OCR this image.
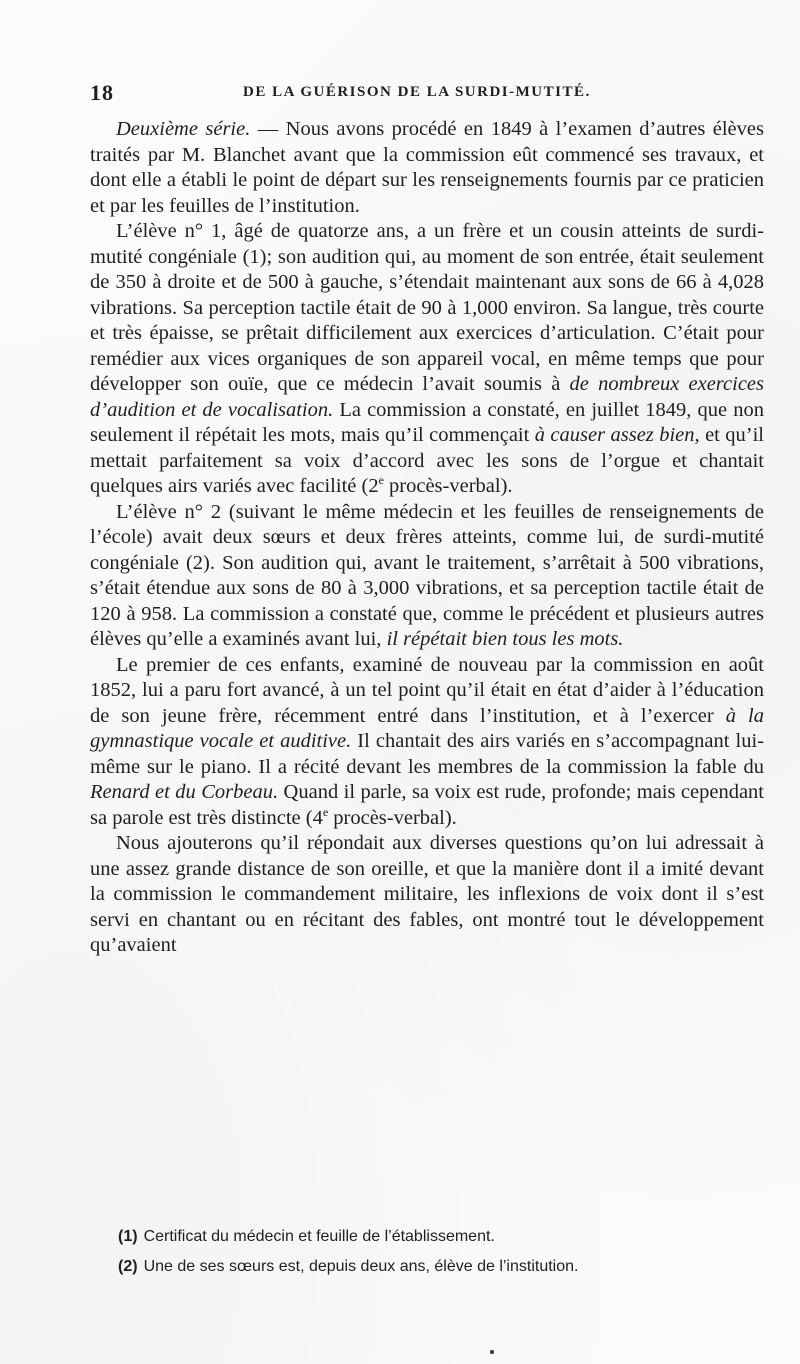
18	DE LA GUÉRISON DE LA SURDI-MUTITÉ.

Deuxième série. — Nous avons procédé en 1849 à l’examen d’autres élèves traités par M. Blanchet avant que la commission eût commencé ses travaux, et dont elle a établi le point de départ sur les renseignements fournis par ce praticien et par les feuilles de l’institution.

L’élève n° 1, âgé de quatorze ans, a un frère et un cousin atteints de surdi-mutité congéniale (1); son audition qui, au moment de son entrée, était seulement de 350 à droite et de 500 à gauche, s’étendait maintenant aux sons de 66 à 4,028 vibrations. Sa perception tactile était de 90 à 1,000 environ. Sa langue, très courte et très épaisse, se prêtait difficilement aux exercices d’articulation. C’était pour remédier aux vices organiques de son appareil vocal, en même temps que pour développer son ouïe, que ce médecin l’avait soumis à de nombreux exercices d’audition et de vocalisation. La commission a constaté, en juillet 1849, que non seulement il répétait les mots, mais qu’il commençait à causer assez bien, et qu’il mettait parfaitement sa voix d’accord avec les sons de l’orgue et chantait quelques airs variés avec facilité (2e procès-verbal).

L’élève n° 2 (suivant le même médecin et les feuilles de renseignements de l’école) avait deux sœurs et deux frères atteints, comme lui, de surdi-mutité congéniale (2). Son audition qui, avant le traitement, s’arrêtait à 500 vibrations, s’était étendue aux sons de 80 à 3,000 vibrations, et sa perception tactile était de 120 à 958. La commission a constaté que, comme le précédent et plusieurs autres élèves qu’elle a examinés avant lui, il répétait bien tous les mots.

Le premier de ces enfants, examiné de nouveau par la commission en août 1852, lui a paru fort avancé, à un tel point qu’il était en état d’aider à l’éducation de son jeune frère, récemment entré dans l’institution, et à l’exercer à la gymnastique vocale et auditive. Il chantait des airs variés en s’accompagnant lui-même sur le piano. Il a récité devant les membres de la commission la fable du Renard et du Corbeau. Quand il parle, sa voix est rude, profonde; mais cependant sa parole est très distincte (4e procès-verbal).

Nous ajouterons qu’il répondait aux diverses questions qu’on lui adressait à une assez grande distance de son oreille, et que la manière dont il a imité devant la commission le commandement militaire, les inflexions de voix dont il s’est servi en chantant ou en récitant des fables, ont montré tout le développement qu’avaient

(1) Certificat du médecin et feuille de l’établissement.
(2) Une de ses sœurs est, depuis deux ans, élève de l’institution.
